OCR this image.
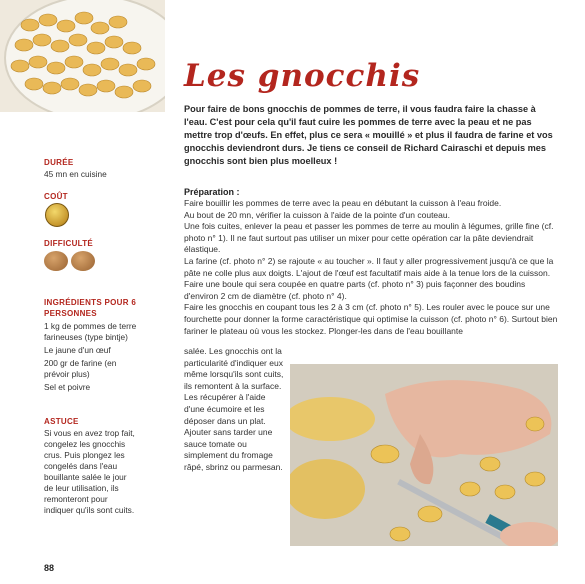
Les gnocchis
Pour faire de bons gnocchis de pommes de terre, il vous faudra faire la chasse à l'eau. C'est pour cela qu'il faut cuire les pommes de terre avec la peau et ne pas mettre trop d'œufs. En effet, plus ce sera « mouillé » et plus il faudra de farine et vos gnocchis deviendront durs. Je tiens ce conseil de Richard Cairaschi et depuis mes gnocchis sont bien plus moelleux !
DURÉE
45 mn en cuisine
COÛT
DIFFICULTÉ
INGRÉDIENTS POUR 6 PERSONNES
1 kg de pommes de terre farineuses (type bintje)
Le jaune d'un œuf
200 gr de farine (en prévoir plus)
Sel et poivre
ASTUCE
Si vous en avez trop fait, congelez les gnocchis crus. Puis plongez les congelés dans l'eau bouillante salée le jour de leur utilisation, ils remonteront pour indiquer qu'ils sont cuits.
Préparation :

Faire bouillir les pommes de terre avec la peau en débutant la cuisson à l'eau froide.

Au bout de 20 mn, vérifier la cuisson à l'aide de la pointe d'un couteau.

Une fois cuites, enlever la peau et passer les pommes de terre au moulin à légumes, grille fine (cf. photo n° 1). Il ne faut surtout pas utiliser un mixer pour cette opération car la pâte deviendrait élastique.

La farine (cf. photo n° 2) se rajoute « au toucher ». Il faut y aller progressivement jusqu'à ce que la pâte ne colle plus aux doigts. L'ajout de l'œuf est facultatif mais aide à la tenue lors de la cuisson. Faire une boule qui sera coupée en quatre parts (cf. photo n° 3) puis façonner des boudins d'environ 2 cm de diamètre (cf. photo n° 4).

Faire les gnocchis en coupant tous les 2 à 3 cm (cf. photo n° 5). Les rouler avec le pouce sur une fourchette pour donner la forme caractéristique qui optimise la cuisson (cf. photo n° 6). Surtout bien fariner le plateau où vous les stockez. Plonger-les dans de l'eau bouillante

salée. Les gnocchis ont la particularité d'indiquer eux même lorsqu'ils sont cuits, ils remontent à la surface. Les récupérer à l'aide d'une écumoire et les déposer dans un plat. Ajouter sans tarder une sauce tomate ou simplement du fromage râpé, sbrinz ou parmesan.
88
